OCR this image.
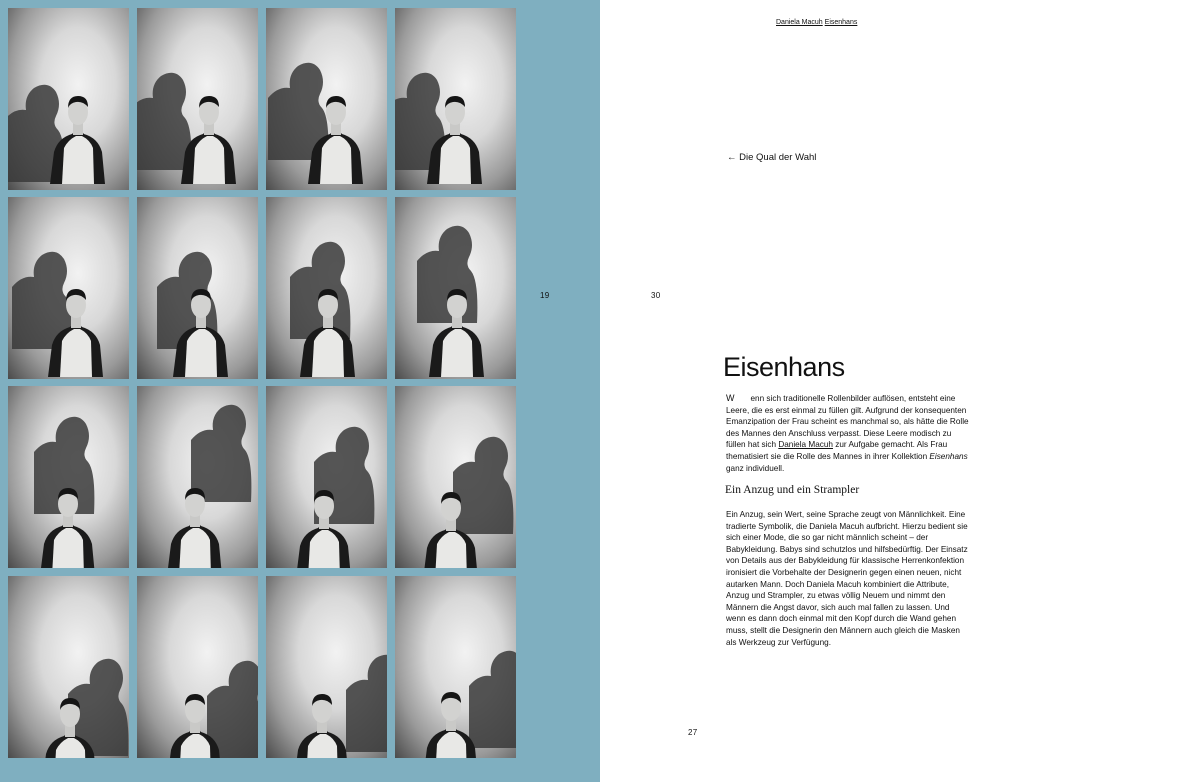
19
Daniela Macuh Eisenhans
← Die Qual der Wahl
30
27
Eisenhans
W enn sich traditionelle Rollenbilder auflösen, entsteht eine Leere, die es erst einmal zu füllen gilt. Aufgrund der konsequenten Emanzipation der Frau scheint es manchmal so, als hätte die Rolle des Mannes den Anschluss verpasst. Diese Leere modisch zu füllen hat sich Daniela Macuh zur Aufgabe gemacht. Als Frau thematisiert sie die Rolle des Mannes in ihrer Kollektion Eisenhans ganz individuell.
Ein Anzug und ein Strampler
Ein Anzug, sein Wert, seine Sprache zeugt von Männlichkeit. Eine tradierte Symbolik, die Daniela Macuh aufbricht. Hierzu bedient sie sich einer Mode, die so gar nicht männlich scheint – der Babykleidung. Babys sind schutzlos und hilfsbedürftig. Der Einsatz von Details aus der Babykleidung für klassische Herrenkonfektion ironisiert die Vorbehalte der Designerin gegen einen neuen, nicht autarken Mann. Doch Daniela Macuh kombiniert die Attribute, Anzug und Strampler, zu etwas völlig Neuem und nimmt den Männern die Angst davor, sich auch mal fallen zu lassen. Und wenn es dann doch einmal mit den Kopf durch die Wand gehen muss, stellt die Designerin den Männern auch gleich die Masken als Werkzeug zur Verfügung.
